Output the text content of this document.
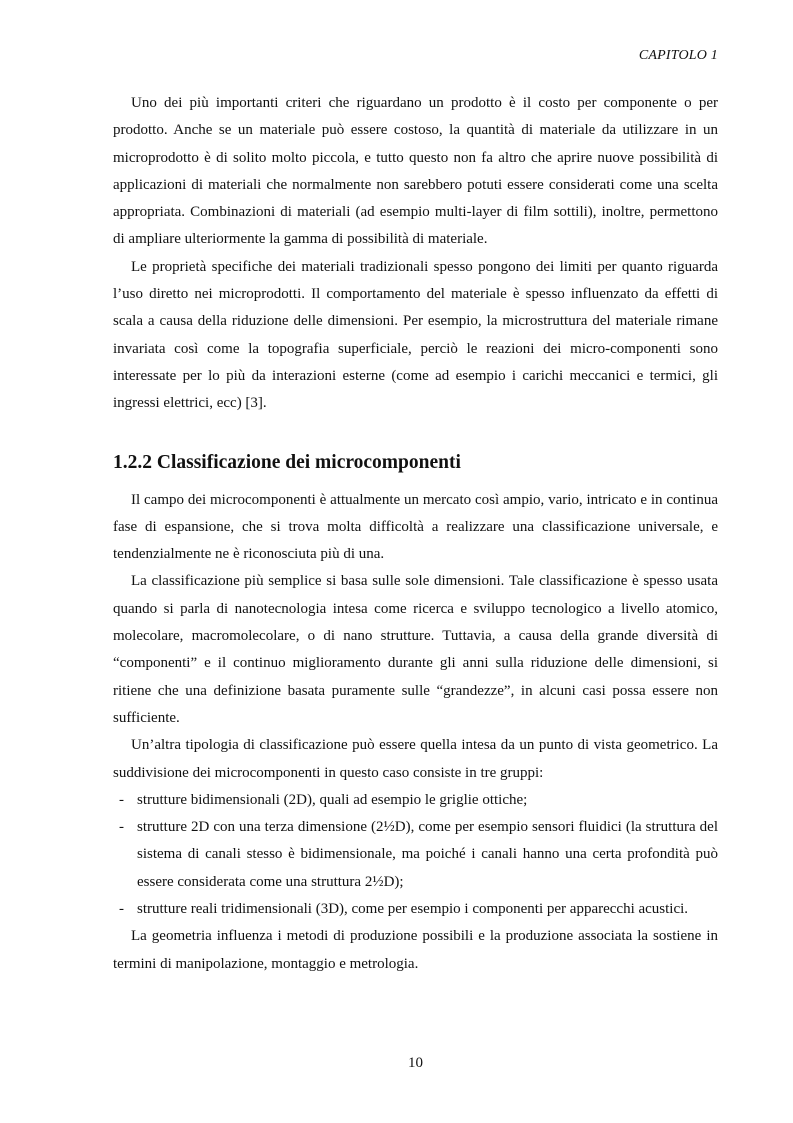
CAPITOLO 1

Uno dei più importanti criteri che riguardano un prodotto è il costo per componente o per prodotto. Anche se un materiale può essere costoso, la quantità di materiale da utilizzare in un microprodotto è di solito molto piccola, e tutto questo non fa altro che aprire nuove possibilità di applicazioni di materiali che normalmente non sarebbero potuti essere considerati come una scelta appropriata. Combinazioni di materiali (ad esempio multi-layer di film sottili), inoltre, permettono di ampliare ulteriormente la gamma di possibilità di materiale.

Le proprietà specifiche dei materiali tradizionali spesso pongono dei limiti per quanto riguarda l’uso diretto nei microprodotti. Il comportamento del materiale è spesso influenzato da effetti di scala a causa della riduzione delle dimensioni. Per esempio, la microstruttura del materiale rimane invariata così come la topografia superficiale, perciò le reazioni dei micro-componenti sono interessate per lo più da interazioni esterne (come ad esempio i carichi meccanici e termici, gli ingressi elettrici, ecc) [3].

1.2.2 Classificazione dei microcomponenti

Il campo dei microcomponenti è attualmente un mercato così ampio, vario, intricato e in continua fase di espansione, che si trova molta difficoltà a realizzare una classificazione universale, e tendenzialmente ne è riconosciuta più di una.

La classificazione più semplice si basa sulle sole dimensioni. Tale classificazione è spesso usata quando si parla di nanotecnologia intesa come ricerca e sviluppo tecnologico a livello atomico, molecolare, macromolecolare, o di nano strutture. Tuttavia, a causa della grande diversità di “componenti” e il continuo miglioramento durante gli anni sulla riduzione delle dimensioni, si ritiene che una definizione basata puramente sulle “grandezze”, in alcuni casi possa essere non sufficiente.

Un’altra tipologia di classificazione può essere quella intesa da un punto di vista geometrico. La suddivisione dei microcomponenti in questo caso consiste in tre gruppi:

- strutture bidimensionali (2D), quali ad esempio le griglie ottiche;
- strutture 2D con una terza dimensione (2½D), come per esempio sensori fluidici (la struttura del sistema di canali stesso è bidimensionale, ma poiché i canali hanno una certa profondità può essere considerata come una struttura 2½D);
- strutture reali tridimensionali (3D), come per esempio i componenti per apparecchi acustici.

La geometria influenza i metodi di produzione possibili e la produzione associata la sostiene in termini di manipolazione, montaggio e metrologia.

10
